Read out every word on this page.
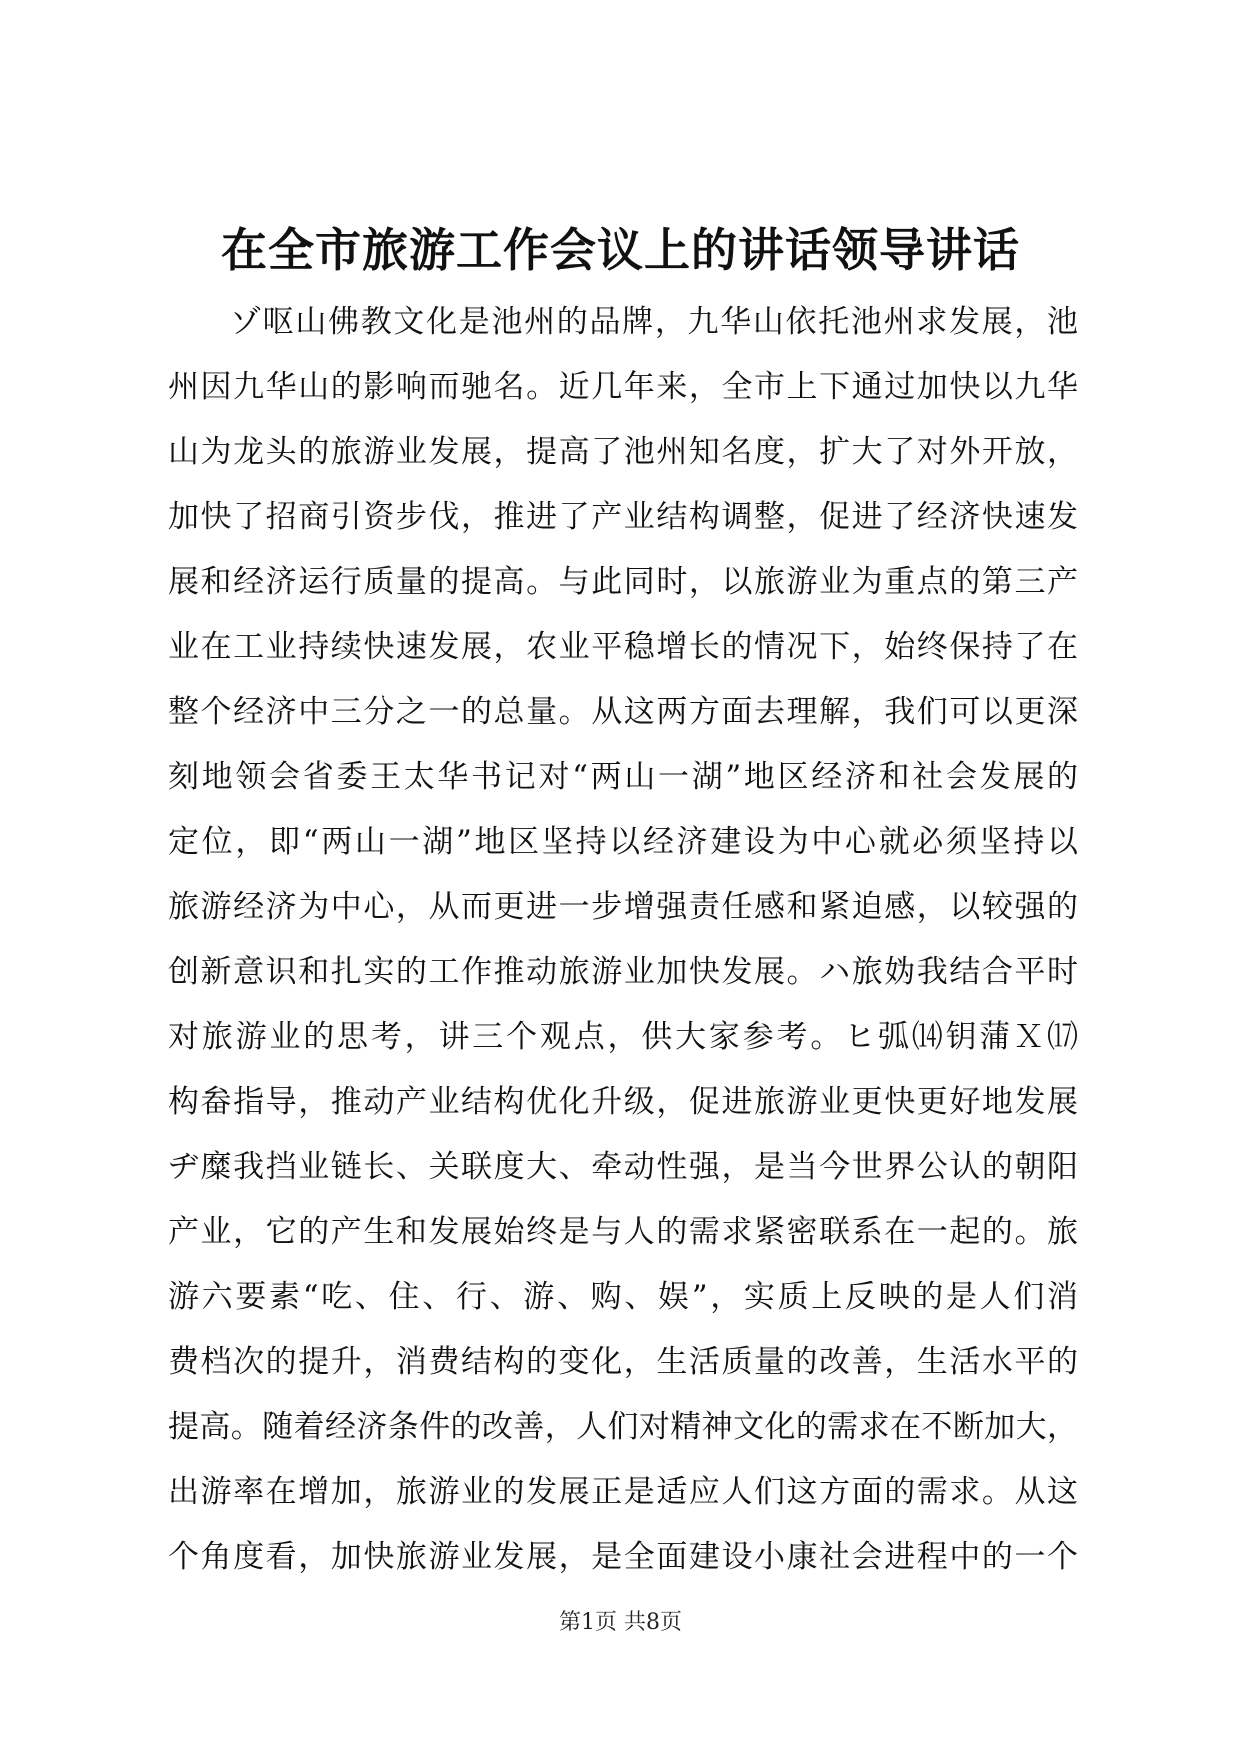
在全市旅游工作会议上的讲话领导讲话
ゾ呕山佛教文化是池州的品牌，九华山依托池州求发展，池
州因九华山的影响而驰名。近几年来，全市上下通过加快以九华
山为龙头的旅游业发展，提高了池州知名度，扩大了对外开放，
加快了招商引资步伐，推进了产业结构调整，促进了经济快速发
展和经济运行质量的提高。与此同时，以旅游业为重点的第三产
业在工业持续快速发展，农业平稳增长的情况下，始终保持了在
整个经济中三分之一的总量。从这两方面去理解，我们可以更深
刻地领会省委王太华书记对“两山一湖”地区经济和社会发展的
定位，即“两山一湖”地区坚持以经济建设为中心就必须坚持以
旅游经济为中心，从而更进一步增强责任感和紧迫感，以较强的
创新意识和扎实的工作推动旅游业加快发展。ハ旅妫我结合平时
对旅游业的思考，讲三个观点，供大家参考。ヒ弧⒁钥蒲Ｘ⒄
构畚指导，推动产业结构优化升级，促进旅游业更快更好地发展
ヂ糜我挡业链长、关联度大、牵动性强，是当今世界公认的朝阳
产业，它的产生和发展始终是与人的需求紧密联系在一起的。旅
游六要素“吃、住、行、游、购、娱”，实质上反映的是人们消
费档次的提升，消费结构的变化，生活质量的改善，生活水平的
提高。随着经济条件的改善，人们对精神文化的需求在不断加大，
出游率在增加，旅游业的发展正是适应人们这方面的需求。从这
个角度看，加快旅游业发展，是全面建设小康社会进程中的一个
第1页 共8页
